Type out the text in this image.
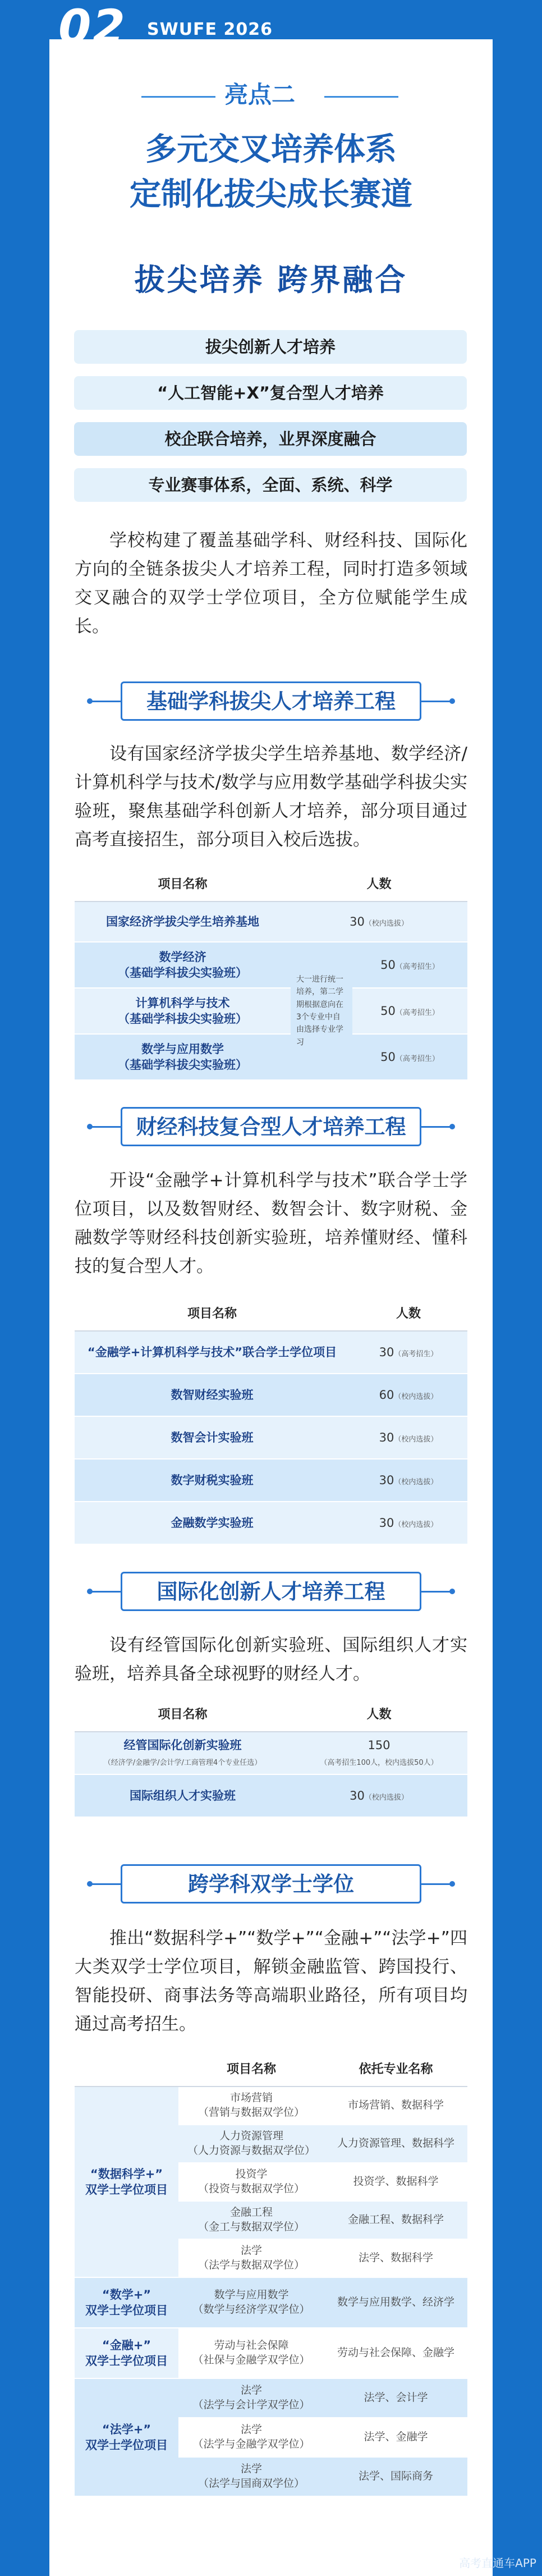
02 SWUFE 2026
亮点二
多元交叉培养体系
定制化拔尖成长赛道
拔尖培养 跨界融合
拔尖创新人才培养
“人工智能+X”复合型人才培养
校企联合培养，业界深度融合
专业赛事体系，全面、系统、科学
学校构建了覆盖基础学科、财经科技、国际化方向的全链条拔尖人才培养工程，同时打造多领域交叉融合的双学士学位项目，全方位赋能学生成长。
基础学科拔尖人才培养工程
设有国家经济学拔尖学生培养基地、数学经济/计算机科学与技术/数学与应用数学基础学科拔尖实验班，聚焦基础学科创新人才培养，部分项目通过高考直接招生，部分项目入校后选拔。
项目名称	人数	
国家经济学拔尖学生培养基地	30（校内选拔）	
数学经济
（基础学科拔尖实验班）	大一进行统一培养，第二学期根据意向在3个专业中自由选择专业学习	50（高考招生）
计算机科学与技术
（基础学科拔尖实验班）		50（高考招生）
数学与应用数学
（基础学科拔尖实验班）		50（高考招生）
财经科技复合型人才培养工程
开设“金融学+计算机科学与技术”联合学士学位项目，以及数智财经、数智会计、数字财税、金融数学等财经科技创新实验班，培养懂财经、懂科技的复合型人才。
项目名称	人数
“金融学+计算机科学与技术”联合学士学位项目	30（高考招生）
数智财经实验班	60（校内选拔）
数智会计实验班	30（校内选拔）
数字财税实验班	30（校内选拔）
金融数学实验班	30（校内选拔）
国际化创新人才培养工程
设有经管国际化创新实验班、国际组织人才实验班，培养具备全球视野的财经人才。
项目名称	人数
经管国际化创新实验班
（经济学/金融学/会计学/工商管理4个专业任选）	150
（高考招生100人，校内选拔50人）
国际组织人才实验班	30（校内选拔）
跨学科双学士学位
推出“数据科学+”“数学+”“金融+”“法学+”四大类双学士学位项目，解锁金融监管、跨国投行、智能投研、商事法务等高端职业路径，所有项目均通过高考招生。
	项目名称	依托专业名称
“数据科学+”
双学士学位项目	市场营销
（营销与数据双学位）	市场营销、数据科学
	人力资源管理
（人力资源与数据双学位）	人力资源管理、数据科学
	投资学
（投资与数据双学位）	投资学、数据科学
	金融工程
（金工与数据双学位）	金融工程、数据科学
	法学
（法学与数据双学位）	法学、数据科学
“数学+”
双学士学位项目	数学与应用数学
（数学与经济学双学位）	数学与应用数学、经济学
“金融+”
双学士学位项目	劳动与社会保障
（社保与金融学双学位）	劳动与社会保障、金融学
“法学+”
双学士学位项目	法学
（法学与会计学双学位）	法学、会计学
	法学
（法学与金融学双学位）	法学、金融学
	法学
（法学与国商双学位）	法学、国际商务
高考直通车APP
